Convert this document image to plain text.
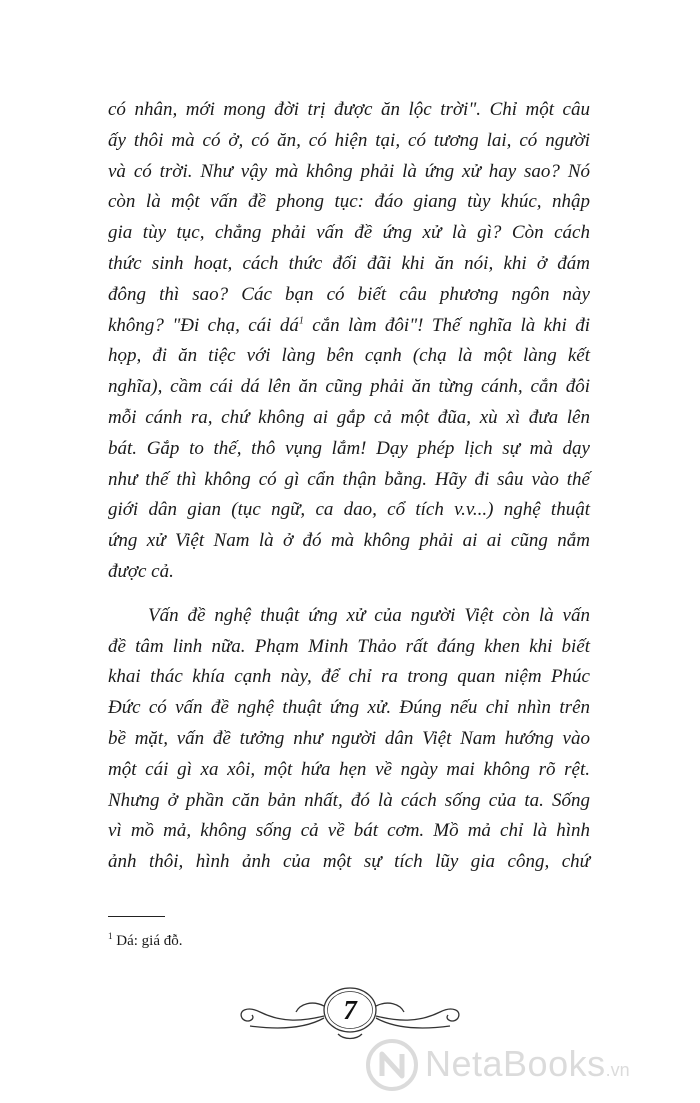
có nhân, mới mong đời trị được ăn lộc trời". Chỉ một câu
ấy thôi mà có ở, có ăn, có hiện tại, có tương lai, có người
và có trời. Như vậy mà không phải là ứng xử hay sao? Nó
còn là một vấn đề phong tục: đáo giang tùy khúc, nhập
gia tùy tục, chẳng phải vấn đề ứng xử là gì? Còn cách
thức sinh hoạt, cách thức đối đãi khi ăn nói, khi ở đám
đông thì sao? Các bạn có biết câu phương ngôn này
không? "Đi chạ, cái $dá^1$ cắn làm đôi"! Thế nghĩa là khi đi
họp, đi ăn tiệc với làng bên cạnh (chạ là một làng kết
nghĩa), cầm cái dá lên ăn cũng phải ăn từng cánh, cắn đôi
mỗi cánh ra, chứ không ai gắp cả một đũa, xù xì đưa lên
bát. Gắp to thế, thô vụng lắm! Dạy phép lịch sự mà dạy
như thế thì không có gì cẩn thận bằng. Hãy đi sâu vào thế
giới dân gian (tục ngữ, ca dao, cổ tích v.v...) nghệ thuật
ứng xử Việt Nam là ở đó mà không phải ai ai cũng nắm
được cả.
Vấn đề nghệ thuật ứng xử của người Việt còn là vấn
đề tâm linh nữa. Phạm Minh Thảo rất đáng khen khi biết
khai thác khía cạnh này, để chỉ ra trong quan niệm Phúc
Đức có vấn đề nghệ thuật ứng xử. Đúng nếu chỉ nhìn trên
bề mặt, vấn đề tưởng như người dân Việt Nam hướng vào
một cái gì xa xôi, một hứa hẹn về ngày mai không rõ rệt.
Nhưng ở phần căn bản nhất, đó là cách sống của ta. Sống
vì mồ mả, không sống cả về bát cơm. Mồ mả chỉ là hình
ảnh thôi, hình ảnh của một sự tích lũy gia công, chứ
$^1$ Dá: giá đỗ.
7
NetaBooks.vn
